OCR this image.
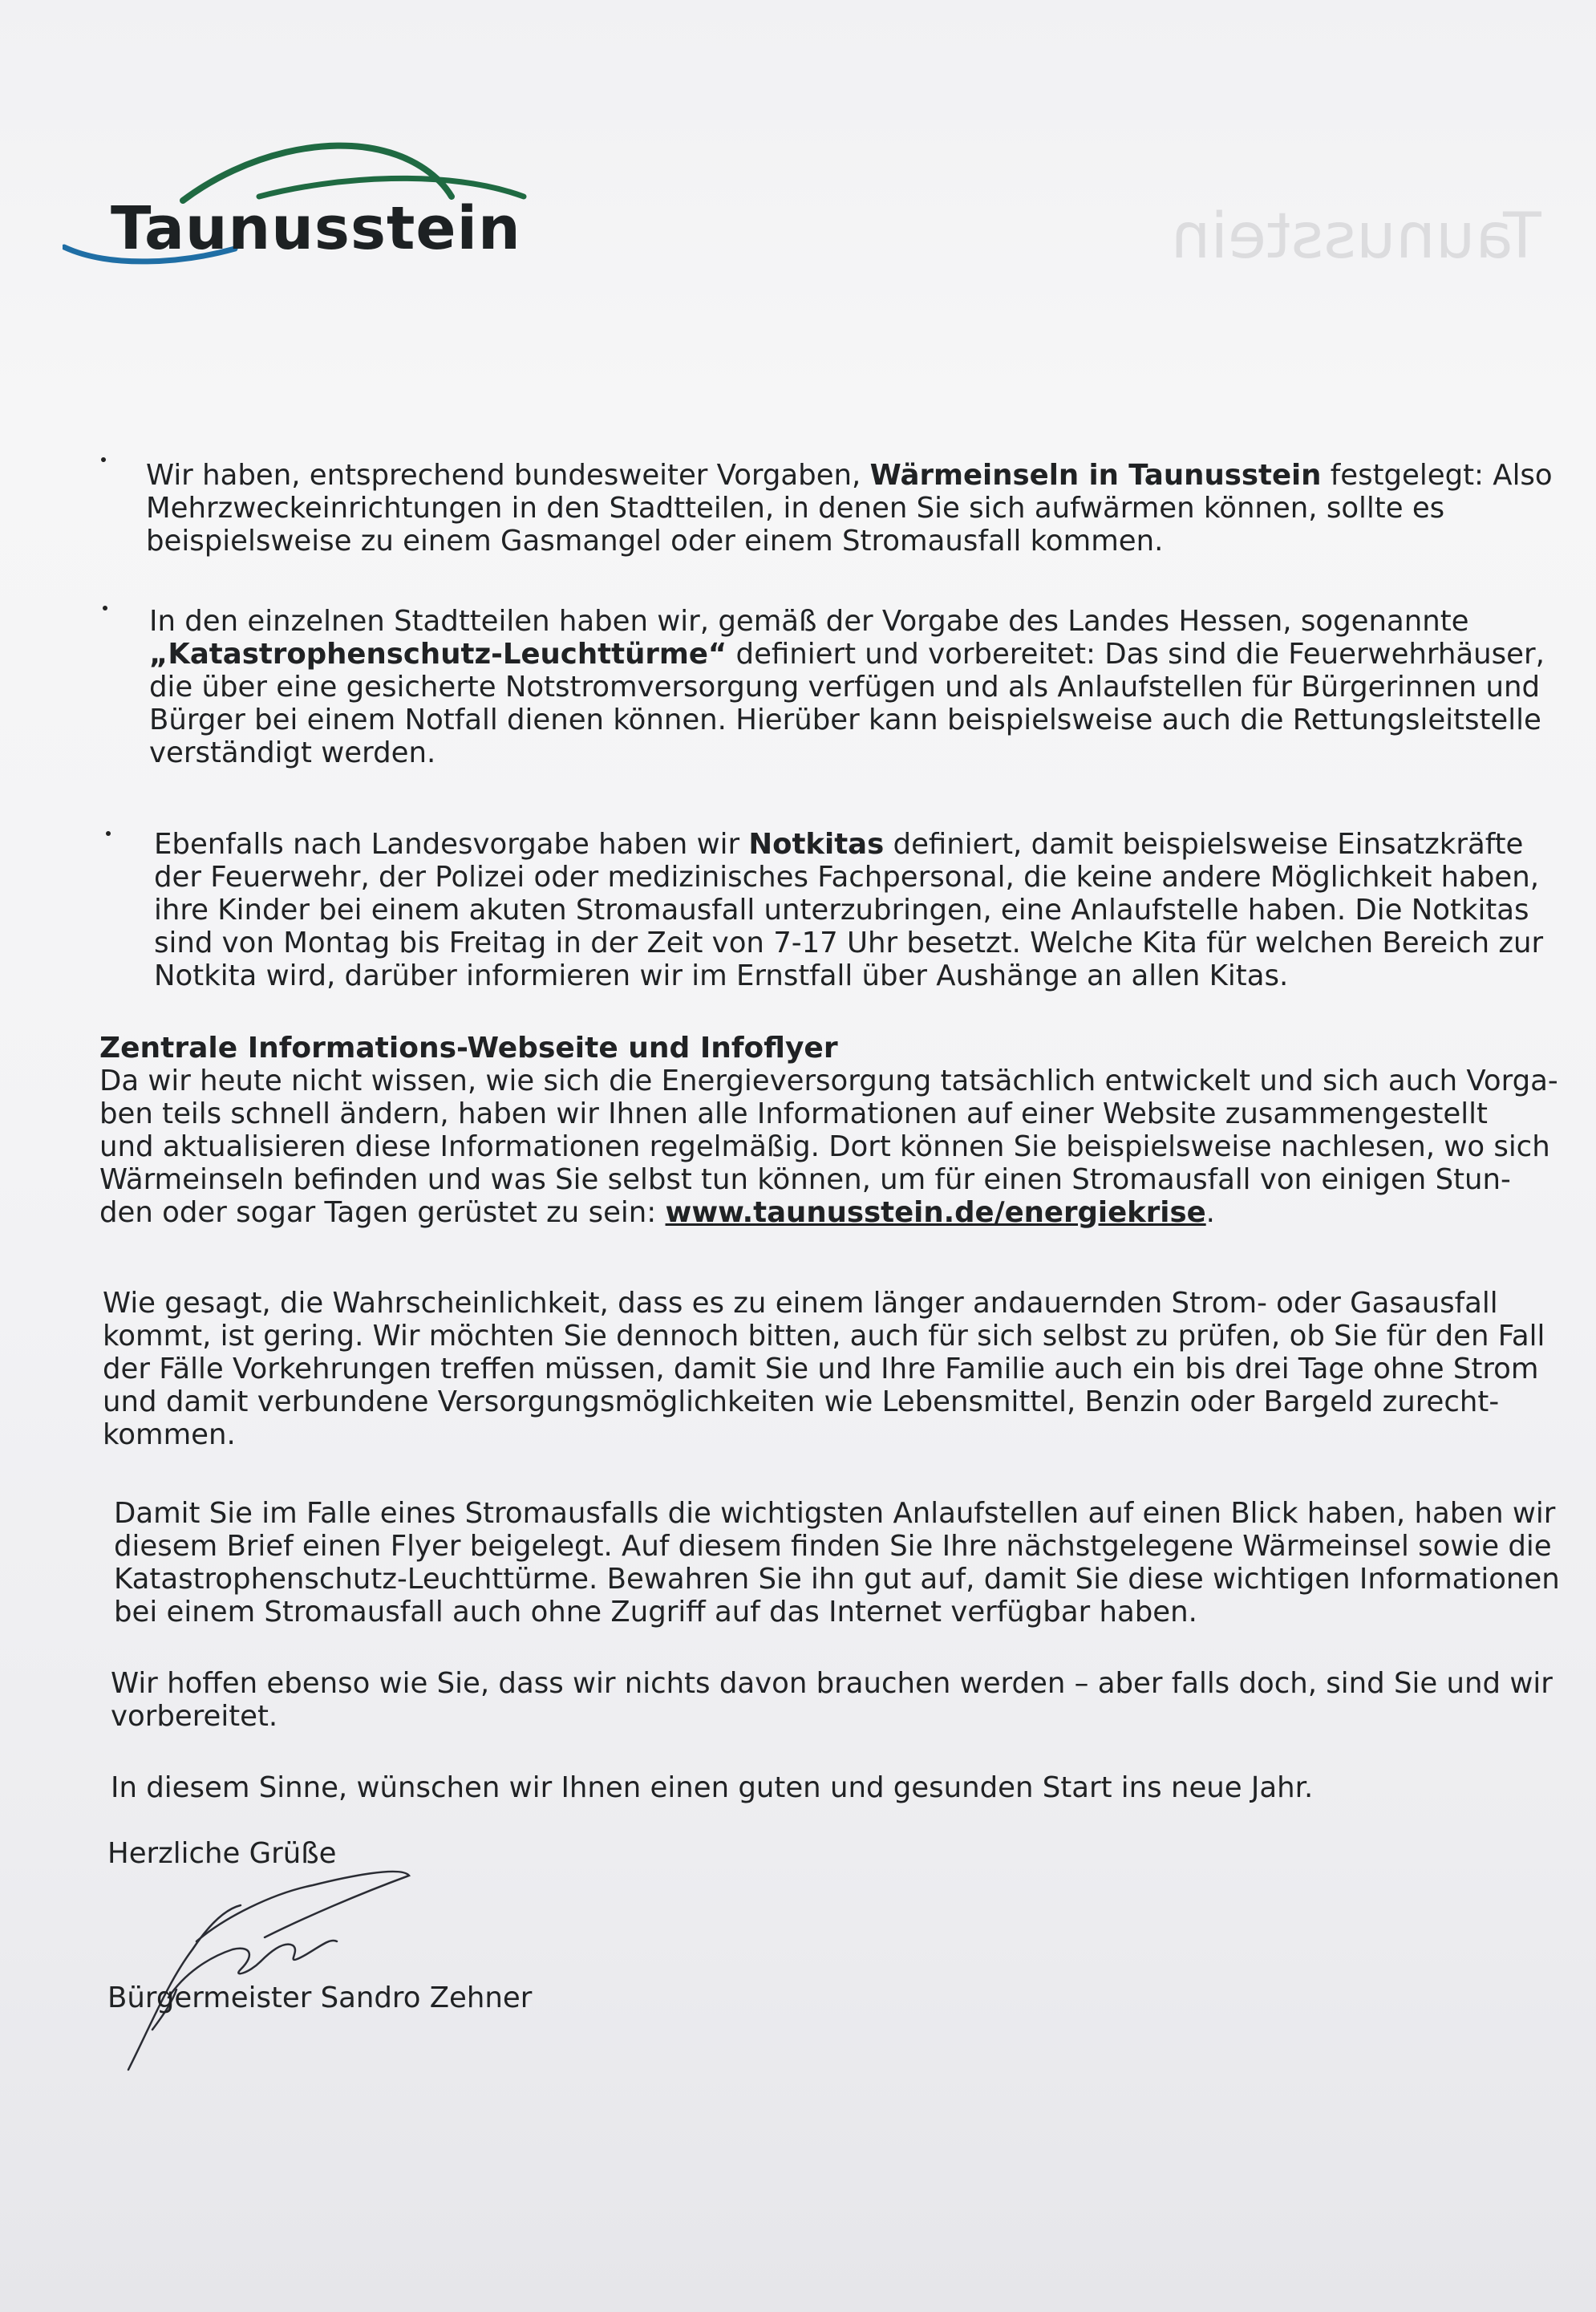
Taunusstein
Taunusstein
Wir haben, entsprechend bundesweiter Vorgaben, Wärmeinseln in Taunusstein festgelegt: Also
Mehrzweckeinrichtungen in den Stadtteilen, in denen Sie sich aufwärmen können, sollte es
beispielsweise zu einem Gasmangel oder einem Stromausfall kommen.
In den einzelnen Stadtteilen haben wir, gemäß der Vorgabe des Landes Hessen, sogenannte
„Katastrophenschutz-Leuchttürme“ definiert und vorbereitet: Das sind die Feuerwehrhäuser,
die über eine gesicherte Notstromversorgung verfügen und als Anlaufstellen für Bürgerinnen und
Bürger bei einem Notfall dienen können. Hierüber kann beispielsweise auch die Rettungsleitstelle
verständigt werden.
Ebenfalls nach Landesvorgabe haben wir Notkitas definiert, damit beispielsweise Einsatzkräfte
der Feuerwehr, der Polizei oder medizinisches Fachpersonal, die keine andere Möglichkeit haben,
ihre Kinder bei einem akuten Stromausfall unterzubringen, eine Anlaufstelle haben. Die Notkitas
sind von Montag bis Freitag in der Zeit von 7-17 Uhr besetzt. Welche Kita für welchen Bereich zur
Notkita wird, darüber informieren wir im Ernstfall über Aushänge an allen Kitas.
Zentrale Informations-Webseite und Infoflyer
Da wir heute nicht wissen, wie sich die Energieversorgung tatsächlich entwickelt und sich auch Vorga-
ben teils schnell ändern, haben wir Ihnen alle Informationen auf einer Website zusammengestellt
und aktualisieren diese Informationen regelmäßig. Dort können Sie beispielsweise nachlesen, wo sich
Wärmeinseln befinden und was Sie selbst tun können, um für einen Stromausfall von einigen Stun-
den oder sogar Tagen gerüstet zu sein: www.taunusstein.de/energiekrise.
Wie gesagt, die Wahrscheinlichkeit, dass es zu einem länger andauernden Strom- oder Gasausfall
kommt, ist gering. Wir möchten Sie dennoch bitten, auch für sich selbst zu prüfen, ob Sie für den Fall
der Fälle Vorkehrungen treffen müssen, damit Sie und Ihre Familie auch ein bis drei Tage ohne Strom
und damit verbundene Versorgungsmöglichkeiten wie Lebensmittel, Benzin oder Bargeld zurecht-
kommen.
Damit Sie im Falle eines Stromausfalls die wichtigsten Anlaufstellen auf einen Blick haben, haben wir
diesem Brief einen Flyer beigelegt. Auf diesem finden Sie Ihre nächstgelegene Wärmeinsel sowie die
Katastrophenschutz-Leuchttürme. Bewahren Sie ihn gut auf, damit Sie diese wichtigen Informationen
bei einem Stromausfall auch ohne Zugriff auf das Internet verfügbar haben.
Wir hoffen ebenso wie Sie, dass wir nichts davon brauchen werden – aber falls doch, sind Sie und wir
vorbereitet.
In diesem Sinne, wünschen wir Ihnen einen guten und gesunden Start ins neue Jahr.
Herzliche Grüße
Bürgermeister Sandro Zehner
